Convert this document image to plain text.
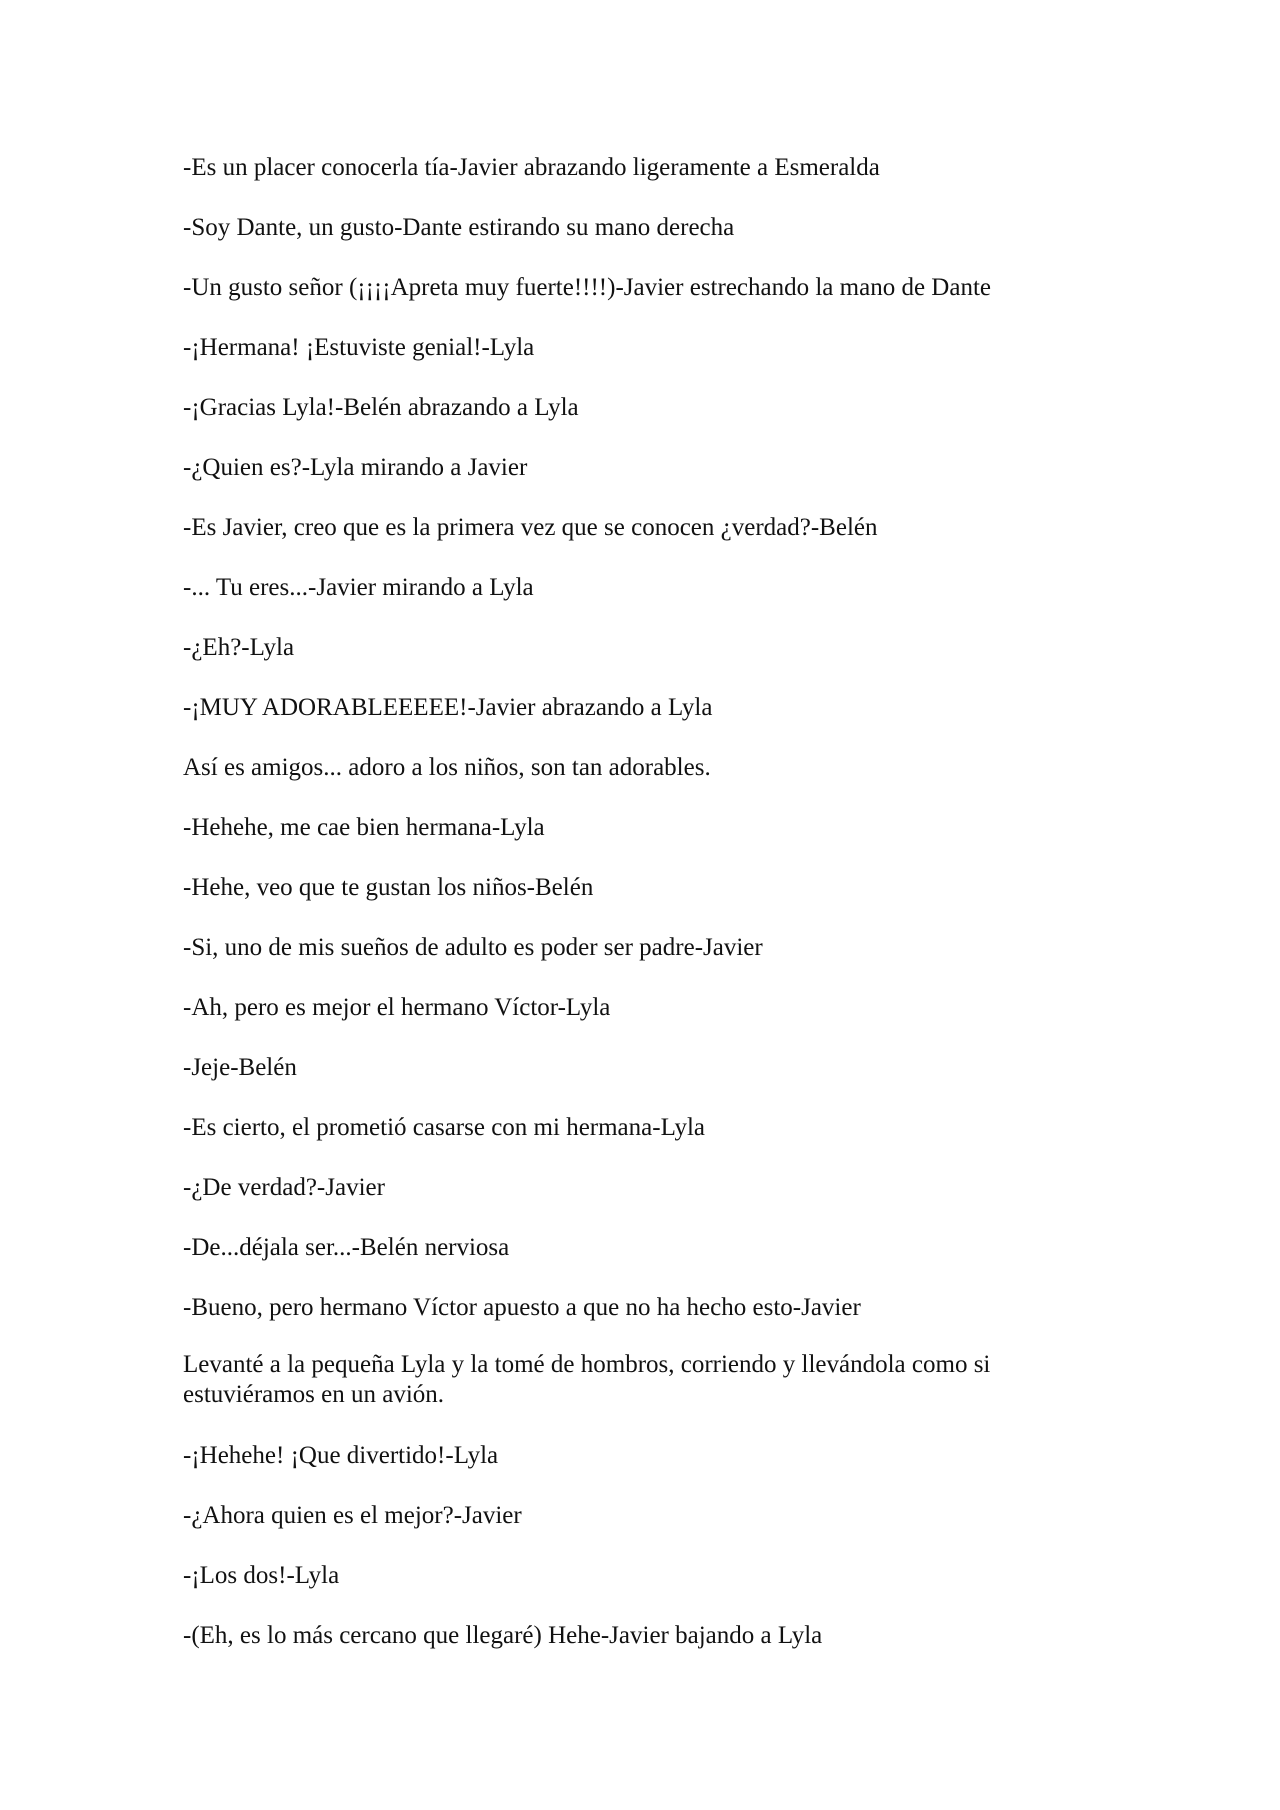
-Es un placer conocerla tía-Javier abrazando ligeramente a Esmeralda
-Soy Dante, un gusto-Dante estirando su mano derecha
-Un gusto señor (¡¡¡¡Apreta muy fuerte!!!!)-Javier estrechando la mano de Dante
-¡Hermana! ¡Estuviste genial!-Lyla
-¡Gracias Lyla!-Belén abrazando a Lyla
-¿Quien es?-Lyla mirando a Javier
-Es Javier, creo que es la primera vez que se conocen ¿verdad?-Belén
-... Tu eres...-Javier mirando a Lyla
-¿Eh?-Lyla
-¡MUY ADORABLEEEEE!-Javier abrazando a Lyla
Así es amigos... adoro a los niños, son tan adorables.
-Hehehe, me cae bien hermana-Lyla
-Hehe, veo que te gustan los niños-Belén
-Si, uno de mis sueños de adulto es poder ser padre-Javier
-Ah, pero es mejor el hermano Víctor-Lyla
-Jeje-Belén
-Es cierto, el prometió casarse con mi hermana-Lyla
-¿De verdad?-Javier
-De...déjala ser...-Belén nerviosa
-Bueno, pero hermano Víctor apuesto a que no ha hecho esto-Javier
Levanté a la pequeña Lyla y la tomé de hombros, corriendo y llevándola como si estuviéramos en un avión.
-¡Hehehe! ¡Que divertido!-Lyla
-¿Ahora quien es el mejor?-Javier
-¡Los dos!-Lyla
-(Eh, es lo más cercano que llegaré) Hehe-Javier bajando a Lyla
